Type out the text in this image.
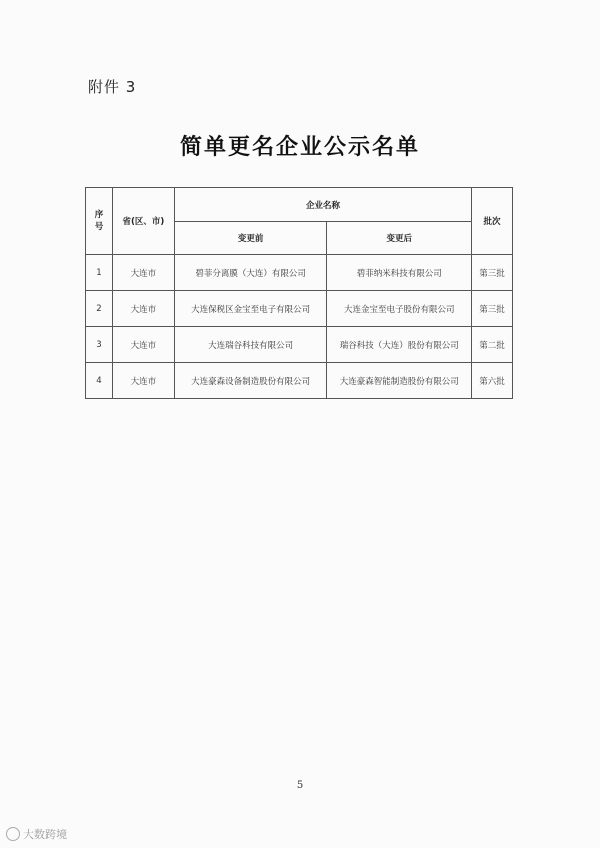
附件 3
简单更名企业公示名单
序号	省(区、市)	企业名称		批次
		变更前	变更后	
1	大连市	碧菲分离膜（大连）有限公司	碧菲纳米科技有限公司	第三批
2	大连市	大连保税区金宝至电子有限公司	大连金宝至电子股份有限公司	第三批
3	大连市	大连瑞谷科技有限公司	瑞谷科技（大连）股份有限公司	第二批
4	大连市	大连豪森设备制造股份有限公司	大连豪森智能制造股份有限公司	第六批
5
大数跨境
